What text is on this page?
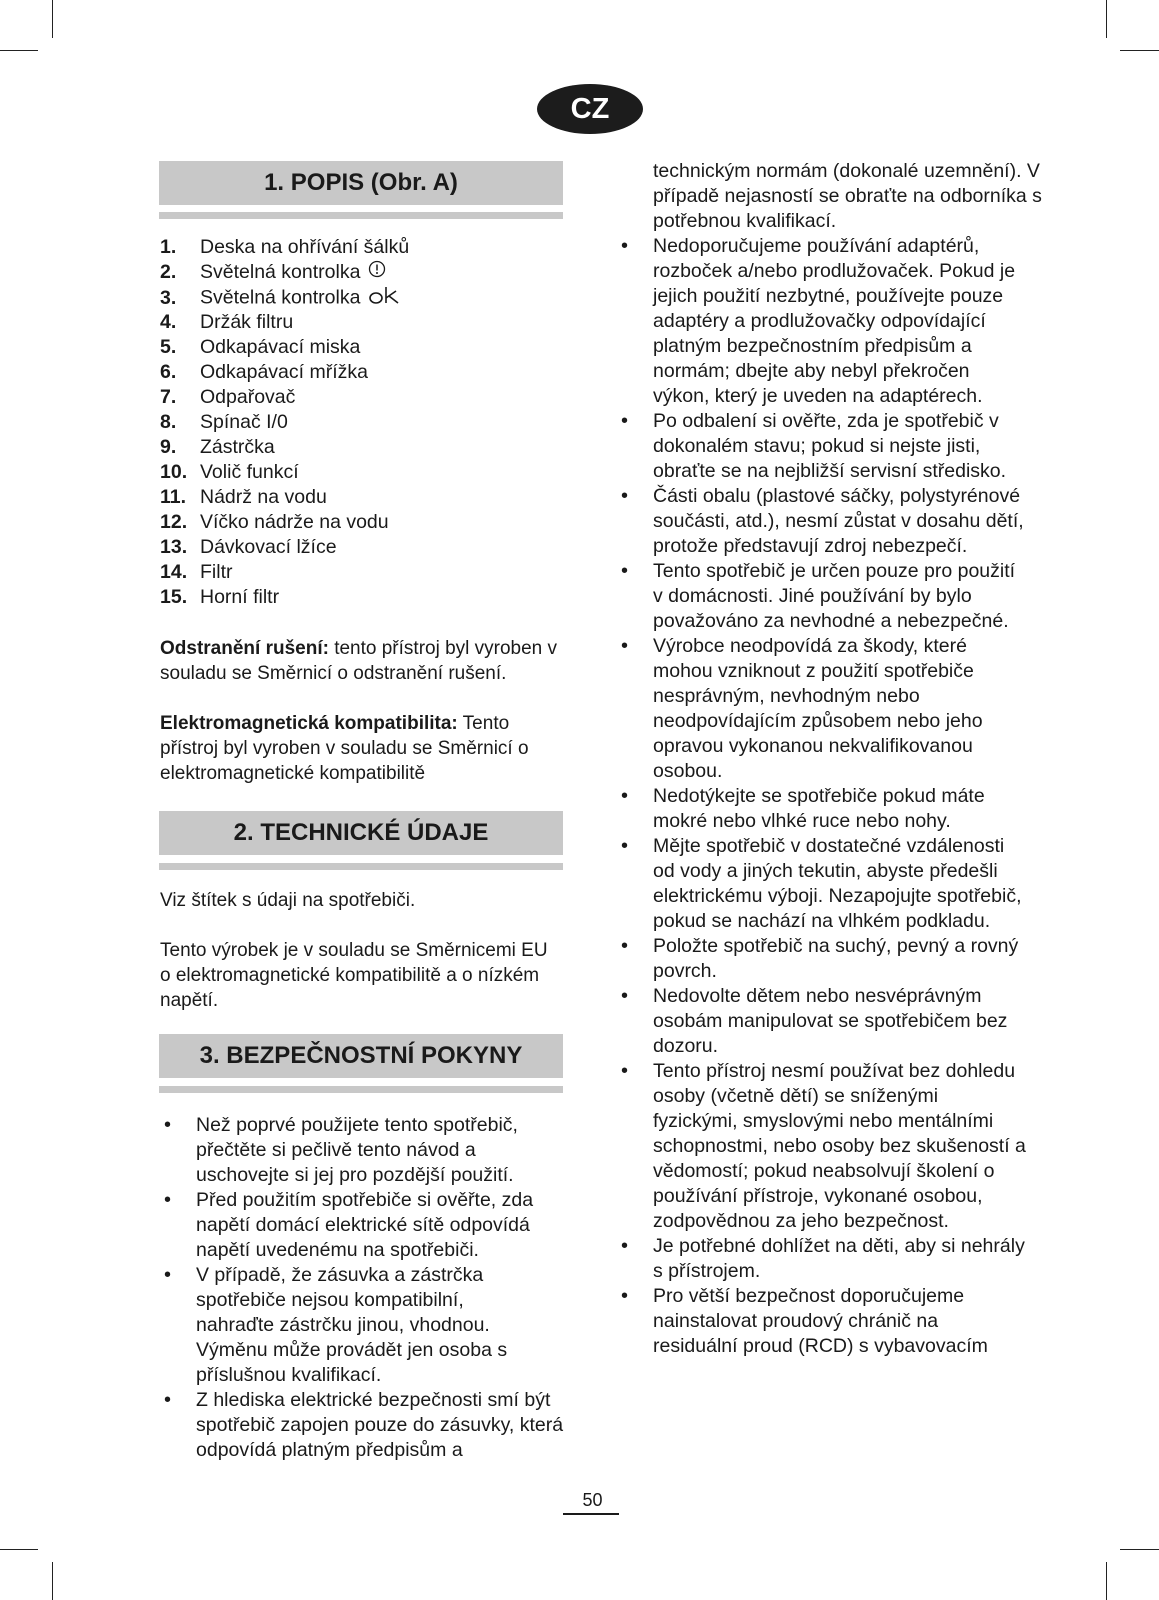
CZ
1. POPIS (Obr. A)
1. Deska na ohřívání šálků
2. Světelná kontrolka
3. Světelná kontrolka
4. Držák filtru
5. Odkapávací miska
6. Odkapávací mřížka
7. Odpařovač
8. Spínač I/0
9. Zástrčka
10. Volič funkcí
11. Nádrž na vodu
12. Víčko nádrže na vodu
13. Dávkovací lžíce
14. Filtr
15. Horní filtr

Odstranění rušení: tento přístroj byl vyroben v souladu se Směrnicí o odstranění rušení.

Elektromagnetická kompatibilita: Tento přístroj byl vyroben v souladu se Směrnicí o elektromagnetické kompatibilitě

2. TECHNICKÉ ÚDAJE

Viz štítek s údaji na spotřebiči.

Tento výrobek je v souladu se Směrnicemi EU o elektromagnetické kompatibilitě a o nízkém napětí.

3. BEZPEČNOSTNÍ POKYNY
• Než poprvé použijete tento spotřebič, přečtěte si pečlivě tento návod a uschovejte si jej pro pozdější použití.
• Před použitím spotřebiče si ověřte, zda napětí domácí elektrické sítě odpovídá napětí uvedenému na spotřebiči.
• V případě, že zásuvka a zástrčka spotřebiče nejsou kompatibilní, nahraďte zástrčku jinou, vhodnou. Výměnu může provádět jen osoba s příslušnou kvalifikací.
• Z hlediska elektrické bezpečnosti smí být spotřebič zapojen pouze do zásuvky, která odpovídá platným předpisům a

technickým normám (dokonalé uzemnění). V případě nejasností se obraťte na odborníka s potřebnou kvalifikací.

• Nedoporučujeme používání adaptérů, rozboček a/nebo prodlužovaček. Pokud je jejich použití nezbytné, používejte pouze adaptéry a prodlužovačky odpovídající platným bezpečnostním předpisům a normám; dbejte aby nebyl překročen výkon, který je uveden na adaptérech.
• Po odbalení si ověřte, zda je spotřebič v dokonalém stavu; pokud si nejste jisti, obraťte se na nejbližší servisní středisko.
• Části obalu (plastové sáčky, polystyrénové součásti, atd.), nesmí zůstat v dosahu dětí, protože představují zdroj nebezpečí.
• Tento spotřebič je určen pouze pro použití v domácnosti. Jiné používání by bylo považováno za nevhodné a nebezpečné.
• Výrobce neodpovídá za škody, které mohou vzniknout z použití spotřebiče nesprávným, nevhodným nebo neodpovídajícím způsobem nebo jeho opravou vykonanou nekvalifikovanou osobou.
• Nedotýkejte se spotřebiče pokud máte mokré nebo vlhké ruce nebo nohy.
• Mějte spotřebič v dostatečné vzdálenosti od vody a jiných tekutin, abyste předešli elektrickému výboji. Nezapojujte spotřebič, pokud se nachází na vlhkém podkladu.
• Položte spotřebič na suchý, pevný a rovný povrch.
• Nedovolte dětem nebo nesvéprávným osobám manipulovat se spotřebičem bez dozoru.
• Tento přístroj nesmí používat bez dohledu osoby (včetně dětí) se sníženými fyzickými, smyslovými nebo mentálními schopnostmi, nebo osoby bez skušeností a vědomostí; pokud neabsolvují školení o používání přístroje, vykonané osobou, zodpovědnou za jeho bezpečnost.
• Je potřebné dohlížet na děti, aby si nehrály s přístrojem.
• Pro větší bezpečnost doporučujeme nainstalovat proudový chránič na residuální proud (RCD) s vybavovacím
50
